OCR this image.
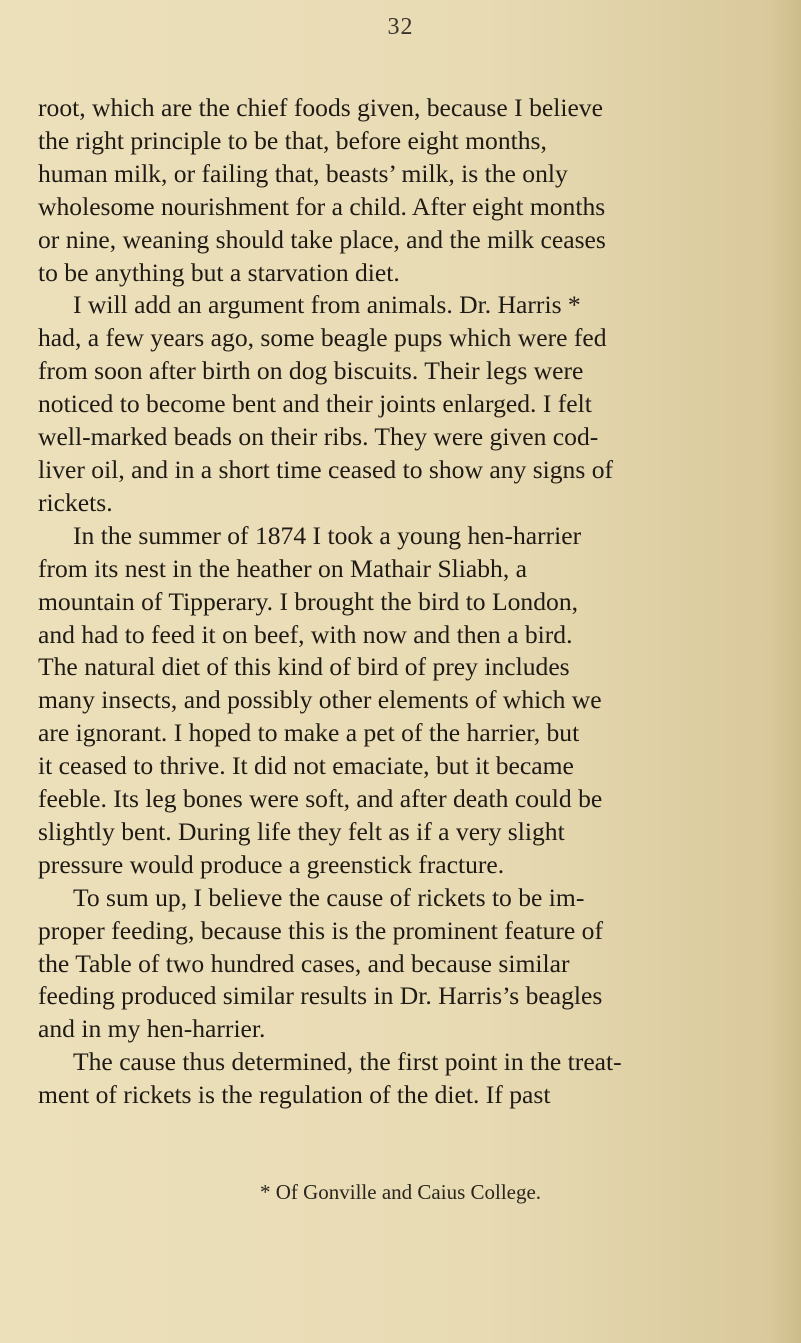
32

root, which are the chief foods given, because I believe
the right principle to be that, before eight months,
human milk, or failing that, beasts’ milk, is the only
wholesome nourishment for a child. After eight months
or nine, weaning should take place, and the milk ceases
to be anything but a starvation diet.

I will add an argument from animals. Dr. Harris *
had, a few years ago, some beagle pups which were fed
from soon after birth on dog biscuits. Their legs were
noticed to become bent and their joints enlarged. I felt
well-marked beads on their ribs. They were given cod-
liver oil, and in a short time ceased to show any signs of
rickets.

In the summer of 1874 I took a young hen-harrier
from its nest in the heather on Mathair Sliabh, a
mountain of Tipperary. I brought the bird to London,
and had to feed it on beef, with now and then a bird.
The natural diet of this kind of bird of prey includes
many insects, and possibly other elements of which we
are ignorant. I hoped to make a pet of the harrier, but
it ceased to thrive. It did not emaciate, but it became
feeble. Its leg bones were soft, and after death could be
slightly bent. During life they felt as if a very slight
pressure would produce a greenstick fracture.

To sum up, I believe the cause of rickets to be im-
proper feeding, because this is the prominent feature of
the Table of two hundred cases, and because similar
feeding produced similar results in Dr. Harris’s beagles
and in my hen-harrier.

The cause thus determined, the first point in the treat-
ment of rickets is the regulation of the diet. If past

* Of Gonville and Caius College.
